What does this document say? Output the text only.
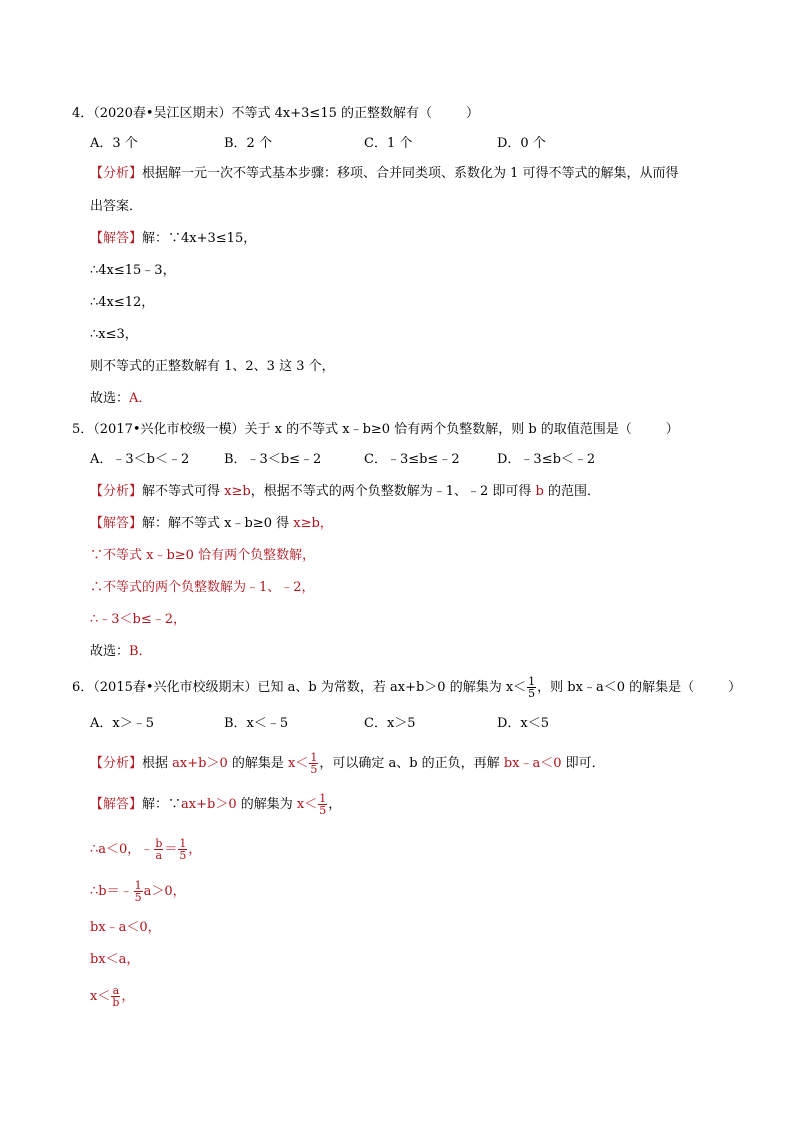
4．（2020春•吴江区期末）不等式 4x+3≤15 的正整数解有（	）
A．3 个	B．2 个	C．1 个	D．0 个
【分析】根据解一元一次不等式基本步骤：移项、合并同类项、系数化为 1 可得不等式的解集，从而得
出答案．
【解答】解：∵4x+3≤15，
∴4x≤15﹣3，
∴4x≤12，
∴x≤3，
则不等式的正整数解有 1、2、3 这 3 个，
故选：A．
5．（2017•兴化市校级一模）关于 x 的不等式 x﹣b≥0 恰有两个负整数解，则 b 的取值范围是（	）
A．﹣3＜b＜﹣2	B．﹣3＜b≤﹣2	C．﹣3≤b≤﹣2	D．﹣3≤b＜﹣2
【分析】解不等式可得 x≥b，根据不等式的两个负整数解为﹣1、﹣2 即可得 b 的范围．
【解答】解：解不等式 x﹣b≥0 得 x≥b，
∵不等式 x﹣b≥0 恰有两个负整数解，
∴不等式的两个负整数解为﹣1、﹣2，
∴﹣3＜b≤﹣2，
故选：B．
6．（2015春•兴化市校级期末）已知 a、b 为常数，若 ax+b＞0 的解集为 $x< \frac{1}{5}$ ，则 bx﹣a＜0 的解集是（	）
A．x＞﹣5	B．x＜﹣5	C．x＞5	D．x＜5
【分析】根据 ax+b＞0 的解集是 $x< \frac{1}{5}$ ，可以确定 a、b 的正负，再解 bx﹣a＜0 即可．
【解答】解：∵ax+b＞0 的解集为 $x< \frac{1}{5}$ ，
∴a＜0，﹣ $\frac{b}{a} = \frac{1}{5}$ ，
∴b＝﹣ $\frac{1}{5} a>0$，
bx﹣a＜0，
bx＜a，
$x< \frac{a}{b}$ ，
